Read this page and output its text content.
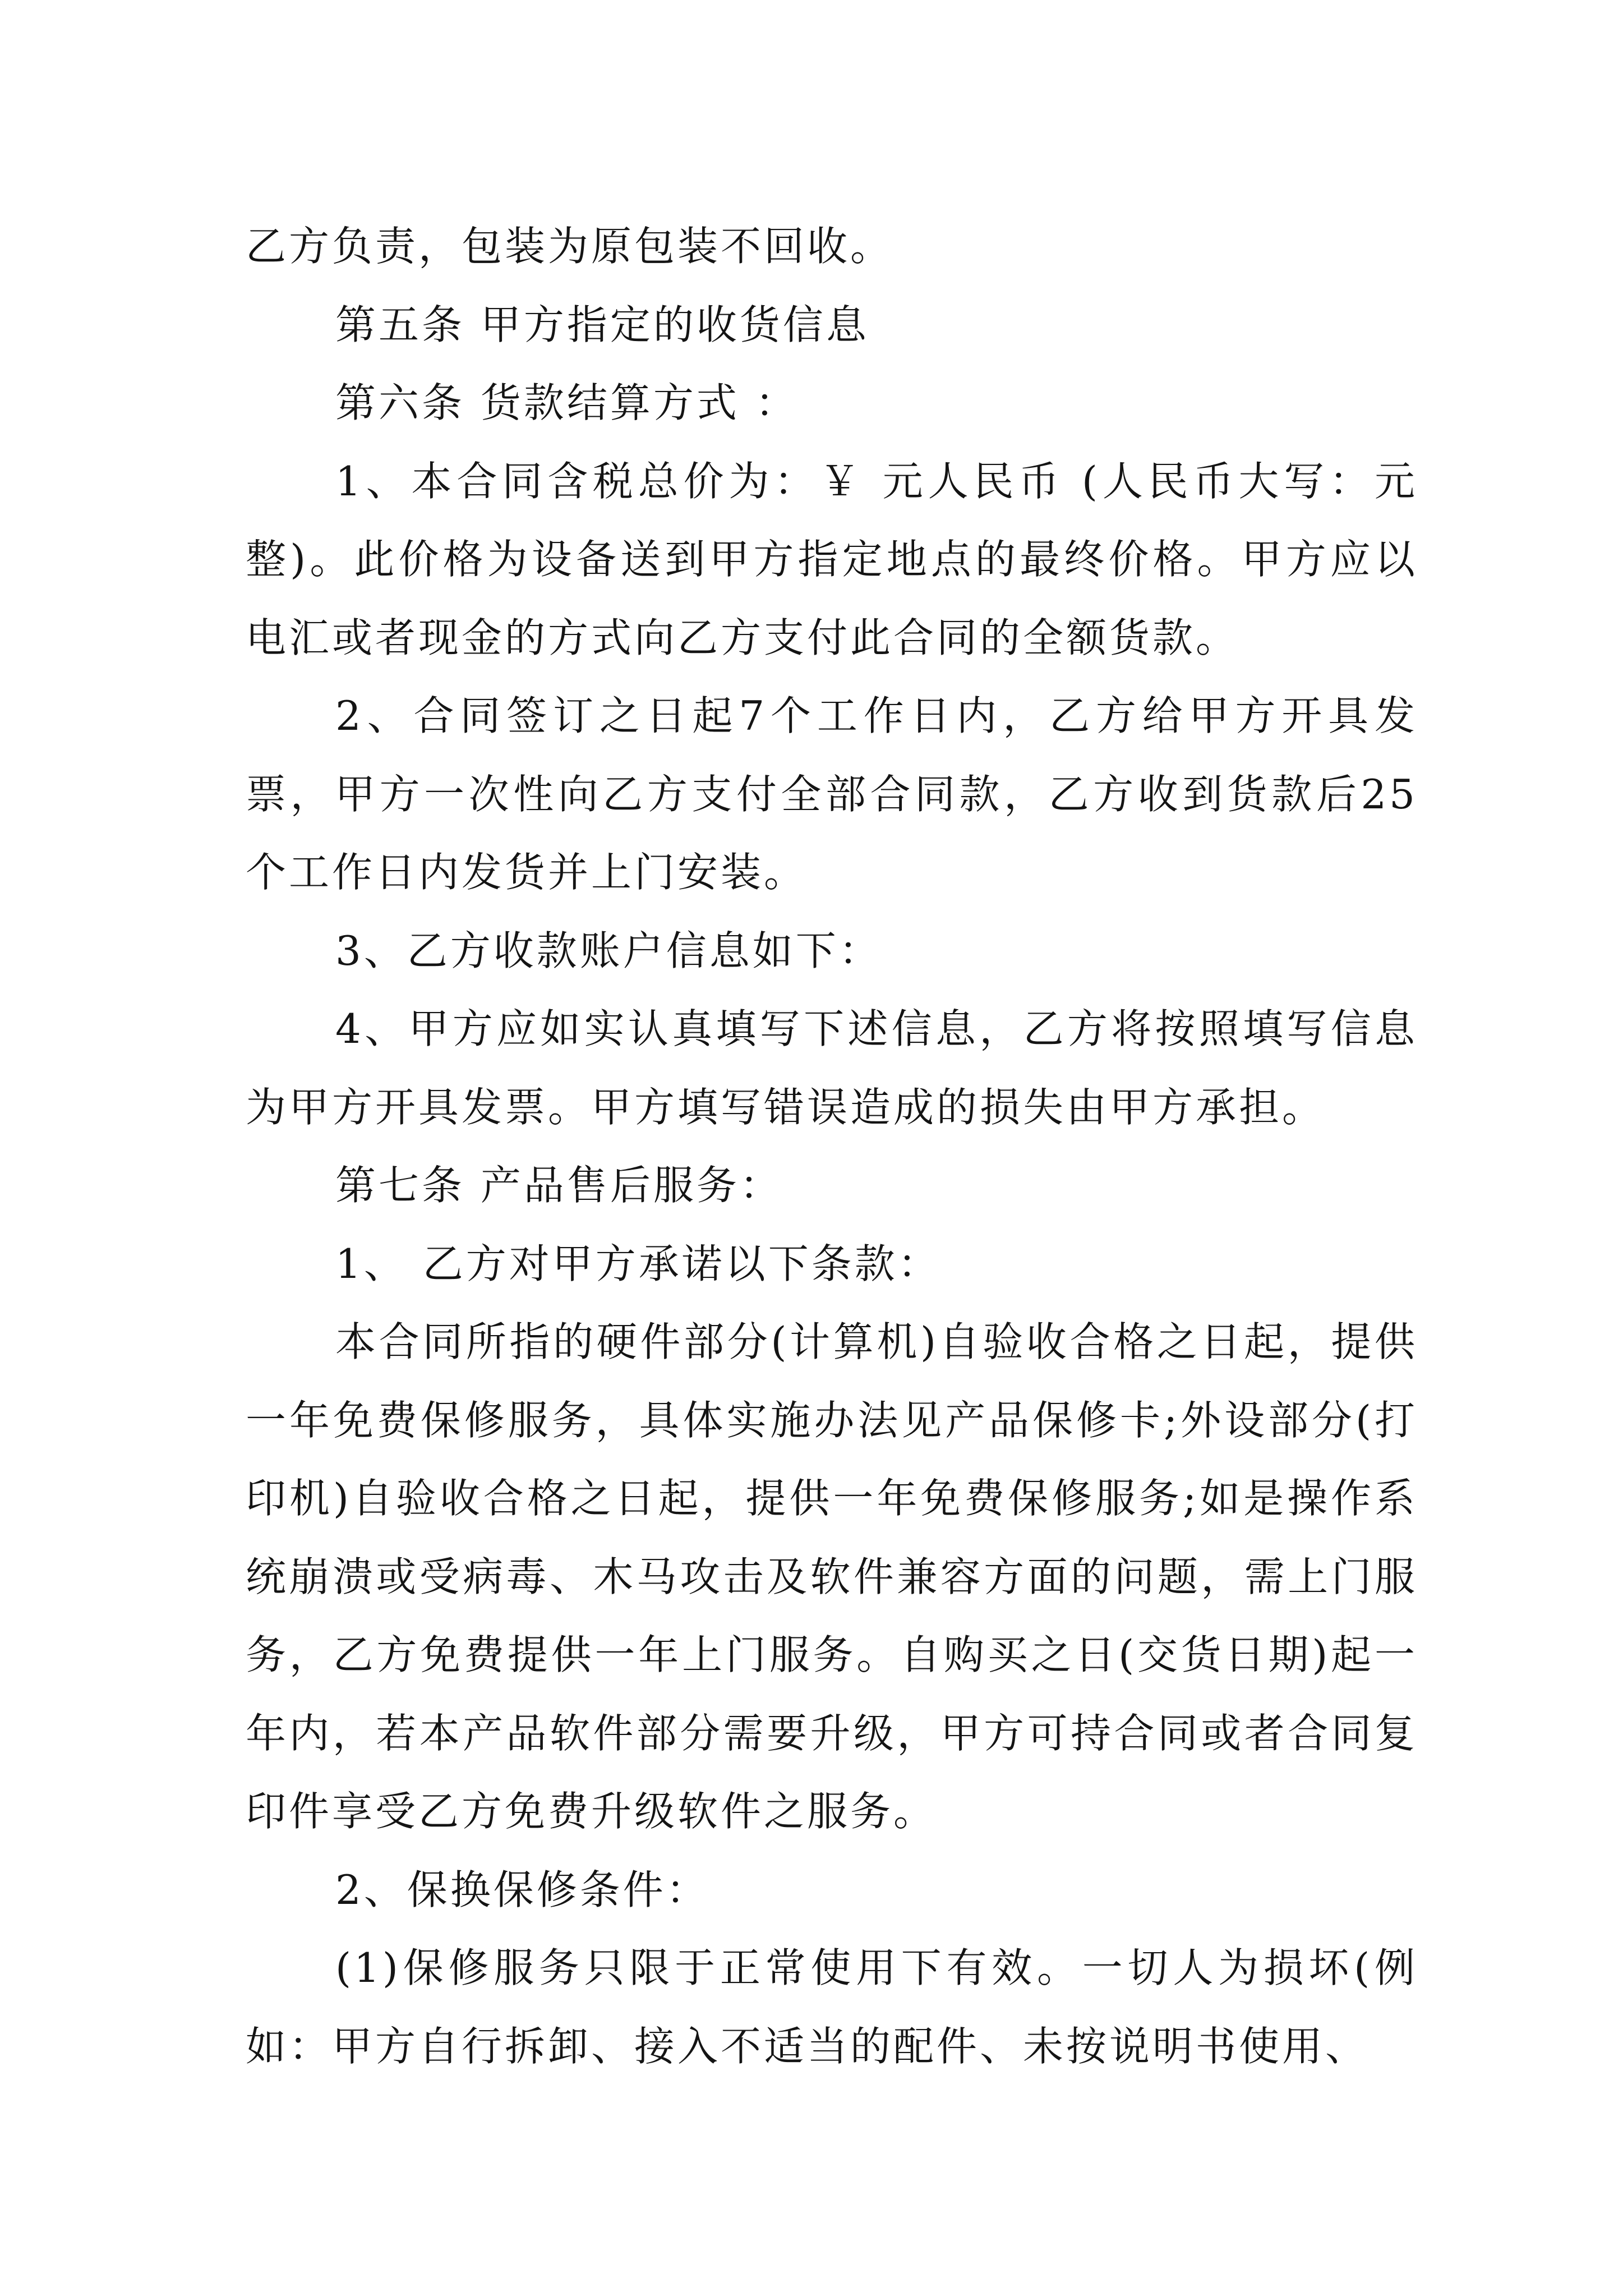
乙方负责，包装为原包装不回收。

第五条 甲方指定的收货信息

第六条 货款结算方式 ：

1、本合同含税总价为：￥ 元人民币 (人民币大写：元整)。此价格为设备送到甲方指定地点的最终价格。甲方应以电汇或者现金的方式向乙方支付此合同的全额货款。

2、合同签订之日起7个工作日内，乙方给甲方开具发票，甲方一次性向乙方支付全部合同款，乙方收到货款后25个工作日内发货并上门安装。

3、乙方收款账户信息如下：

4、甲方应如实认真填写下述信息，乙方将按照填写信息为甲方开具发票。甲方填写错误造成的损失由甲方承担。

第七条 产品售后服务：

1、 乙方对甲方承诺以下条款：

本合同所指的硬件部分(计算机)自验收合格之日起，提供一年免费保修服务，具体实施办法见产品保修卡;外设部分(打印机)自验收合格之日起，提供一年免费保修服务;如是操作系统崩溃或受病毒、木马攻击及软件兼容方面的问题，需上门服务，乙方免费提供一年上门服务。自购买之日(交货日期)起一年内，若本产品软件部分需要升级，甲方可持合同或者合同复印件享受乙方免费升级软件之服务。

2、保换保修条件：

(1)保修服务只限于正常使用下有效。一切人为损坏(例如：甲方自行拆卸、接入不适当的配件、未按说明书使用、
